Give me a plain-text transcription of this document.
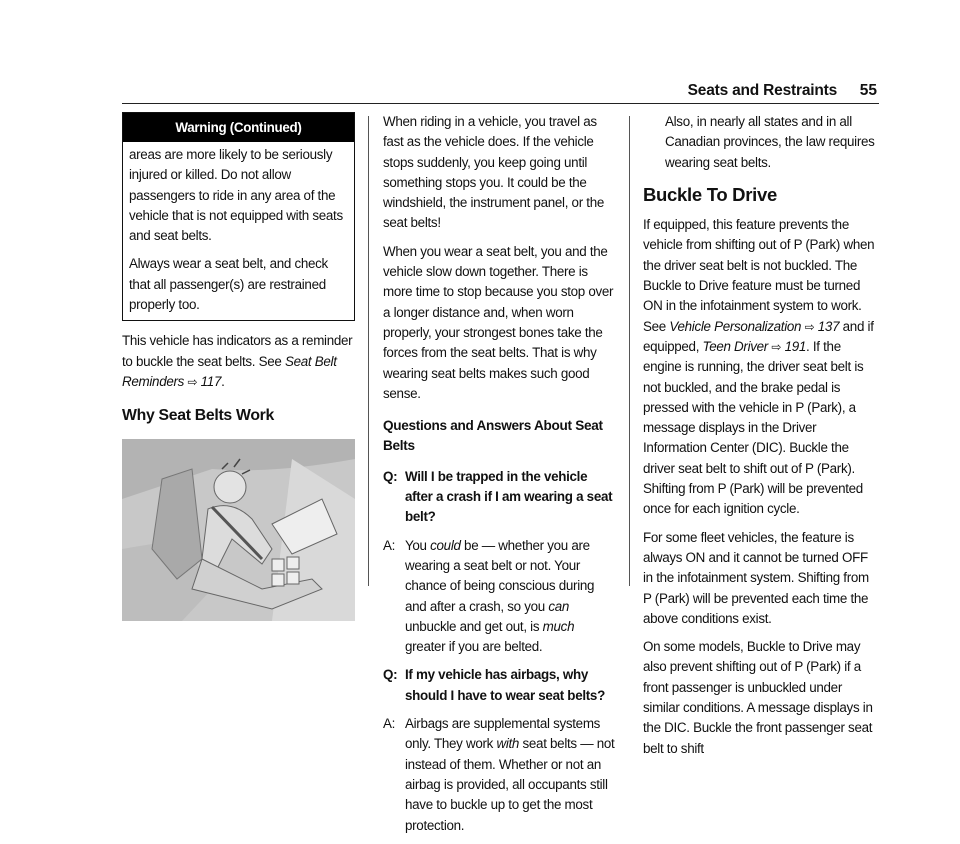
Seats and Restraints 55
Warning (Continued)

areas are more likely to be seriously injured or killed. Do not allow passengers to ride in any area of the vehicle that is not equipped with seats and seat belts.

Always wear a seat belt, and check that all passenger(s) are restrained properly too.

This vehicle has indicators as a reminder to buckle the seat belts. See Seat Belt Reminders ⇨ 117.

Why Seat Belts Work

When riding in a vehicle, you travel as fast as the vehicle does. If the vehicle stops suddenly, you keep going until something stops you. It could be the windshield, the instrument panel, or the seat belts!

When you wear a seat belt, you and the vehicle slow down together. There is more time to stop because you stop over a longer distance and, when worn properly, your strongest bones take the forces from the seat belts. That is why wearing seat belts makes such good sense.

Questions and Answers About Seat Belts
Q: Will I be trapped in the vehicle after a crash if I am wearing a seat belt?
A: You could be — whether you are wearing a seat belt or not. Your chance of being conscious during and after a crash, so you can unbuckle and get out, is much greater if you are belted.
Q: If my vehicle has airbags, why should I have to wear seat belts?
A: Airbags are supplemental systems only. They work with seat belts — not instead of them. Whether or not an airbag is provided, all occupants still have to buckle up to get the most protection.

Also, in nearly all states and in all Canadian provinces, the law requires wearing seat belts.

Buckle To Drive

If equipped, this feature prevents the vehicle from shifting out of P (Park) when the driver seat belt is not buckled. The Buckle to Drive feature must be turned ON in the infotainment system to work. See Vehicle Personalization ⇨ 137 and if equipped, Teen Driver ⇨ 191. If the engine is running, the driver seat belt is not buckled, and the brake pedal is pressed with the vehicle in P (Park), a message displays in the Driver Information Center (DIC). Buckle the driver seat belt to shift out of P (Park). Shifting from P (Park) will be prevented once for each ignition cycle.

For some fleet vehicles, the feature is always ON and it cannot be turned OFF in the infotainment system. Shifting from P (Park) will be prevented each time the above conditions exist.

On some models, Buckle to Drive may also prevent shifting out of P (Park) if a front passenger is unbuckled under similar conditions. A message displays in the DIC. Buckle the front passenger seat belt to shift
